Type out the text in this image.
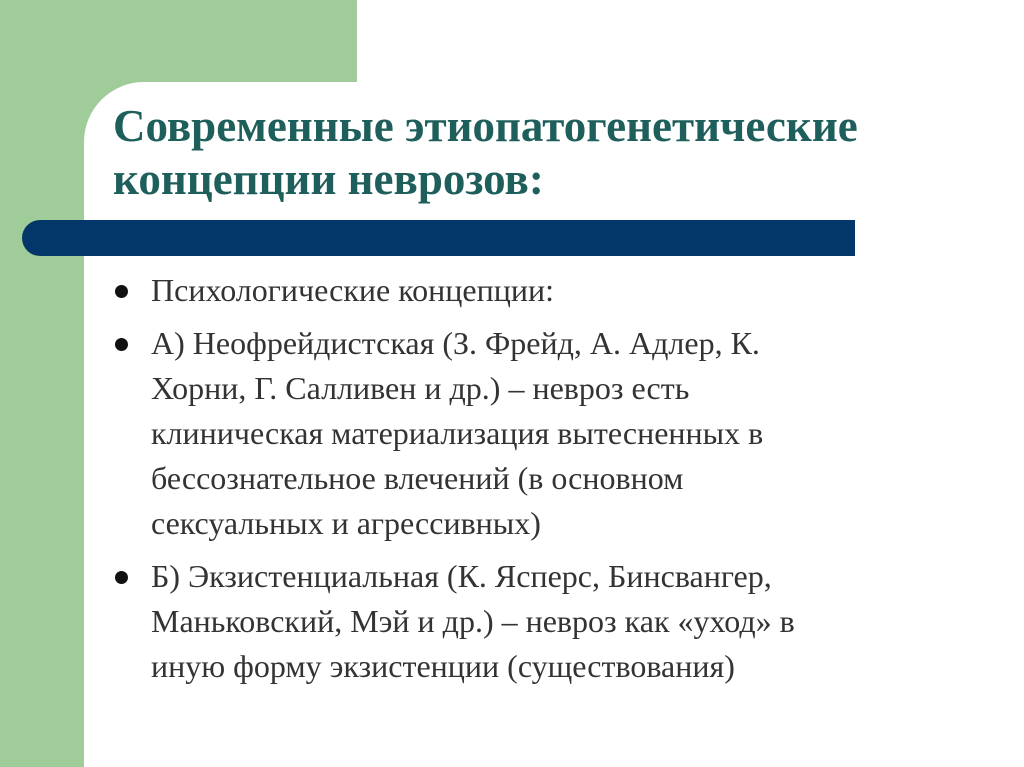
Современные этиопатогенетические
концепции неврозов:
Психологические концепции:
А) Неофрейдистская (З. Фрейд, А. Адлер, К.
Хорни, Г. Салливен и др.) – невроз есть
клиническая материализация вытесненных в
бессознательное влечений (в основном
сексуальных и агрессивных)
Б) Экзистенциальная (К. Ясперс, Бинсвангер,
Маньковский, Мэй и др.) – невроз как «уход» в
иную форму экзистенции (существования)
